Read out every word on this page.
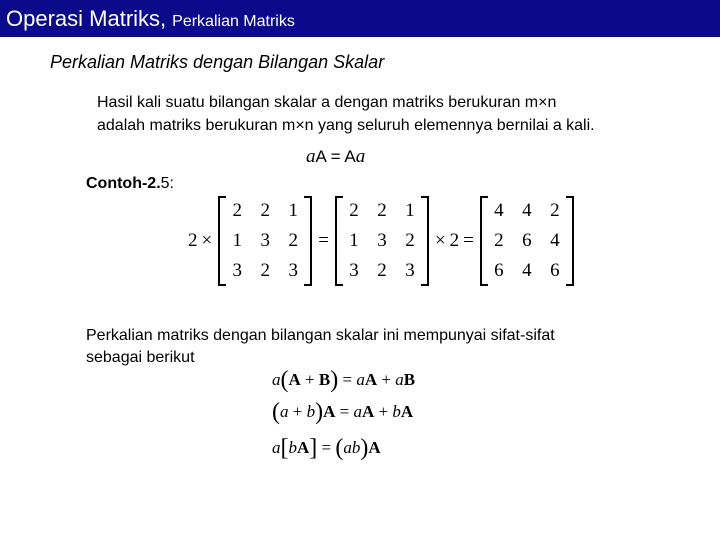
Operasi Matriks, Perkalian Matriks
Perkalian Matriks dengan Bilangan Skalar
Hasil kali suatu bilangan skalar a dengan matriks berukuran m×n
adalah matriks berukuran m×n yang seluruh elemennya bernilai a kali.
aA = Aa
Contoh-2.5:
2 ×
2 2 1
1 3 2
3 2 3
=
2 2 1
1 3 2
3 2 3
× 2 =
4 4 2
2 6 4
6 4 6
Perkalian matriks dengan bilangan skalar ini mempunyai sifat-sifat
sebagai berikut
a(A + B) = aA + aB
(a + b)A = aA + bA
a[bA] = (ab)A
